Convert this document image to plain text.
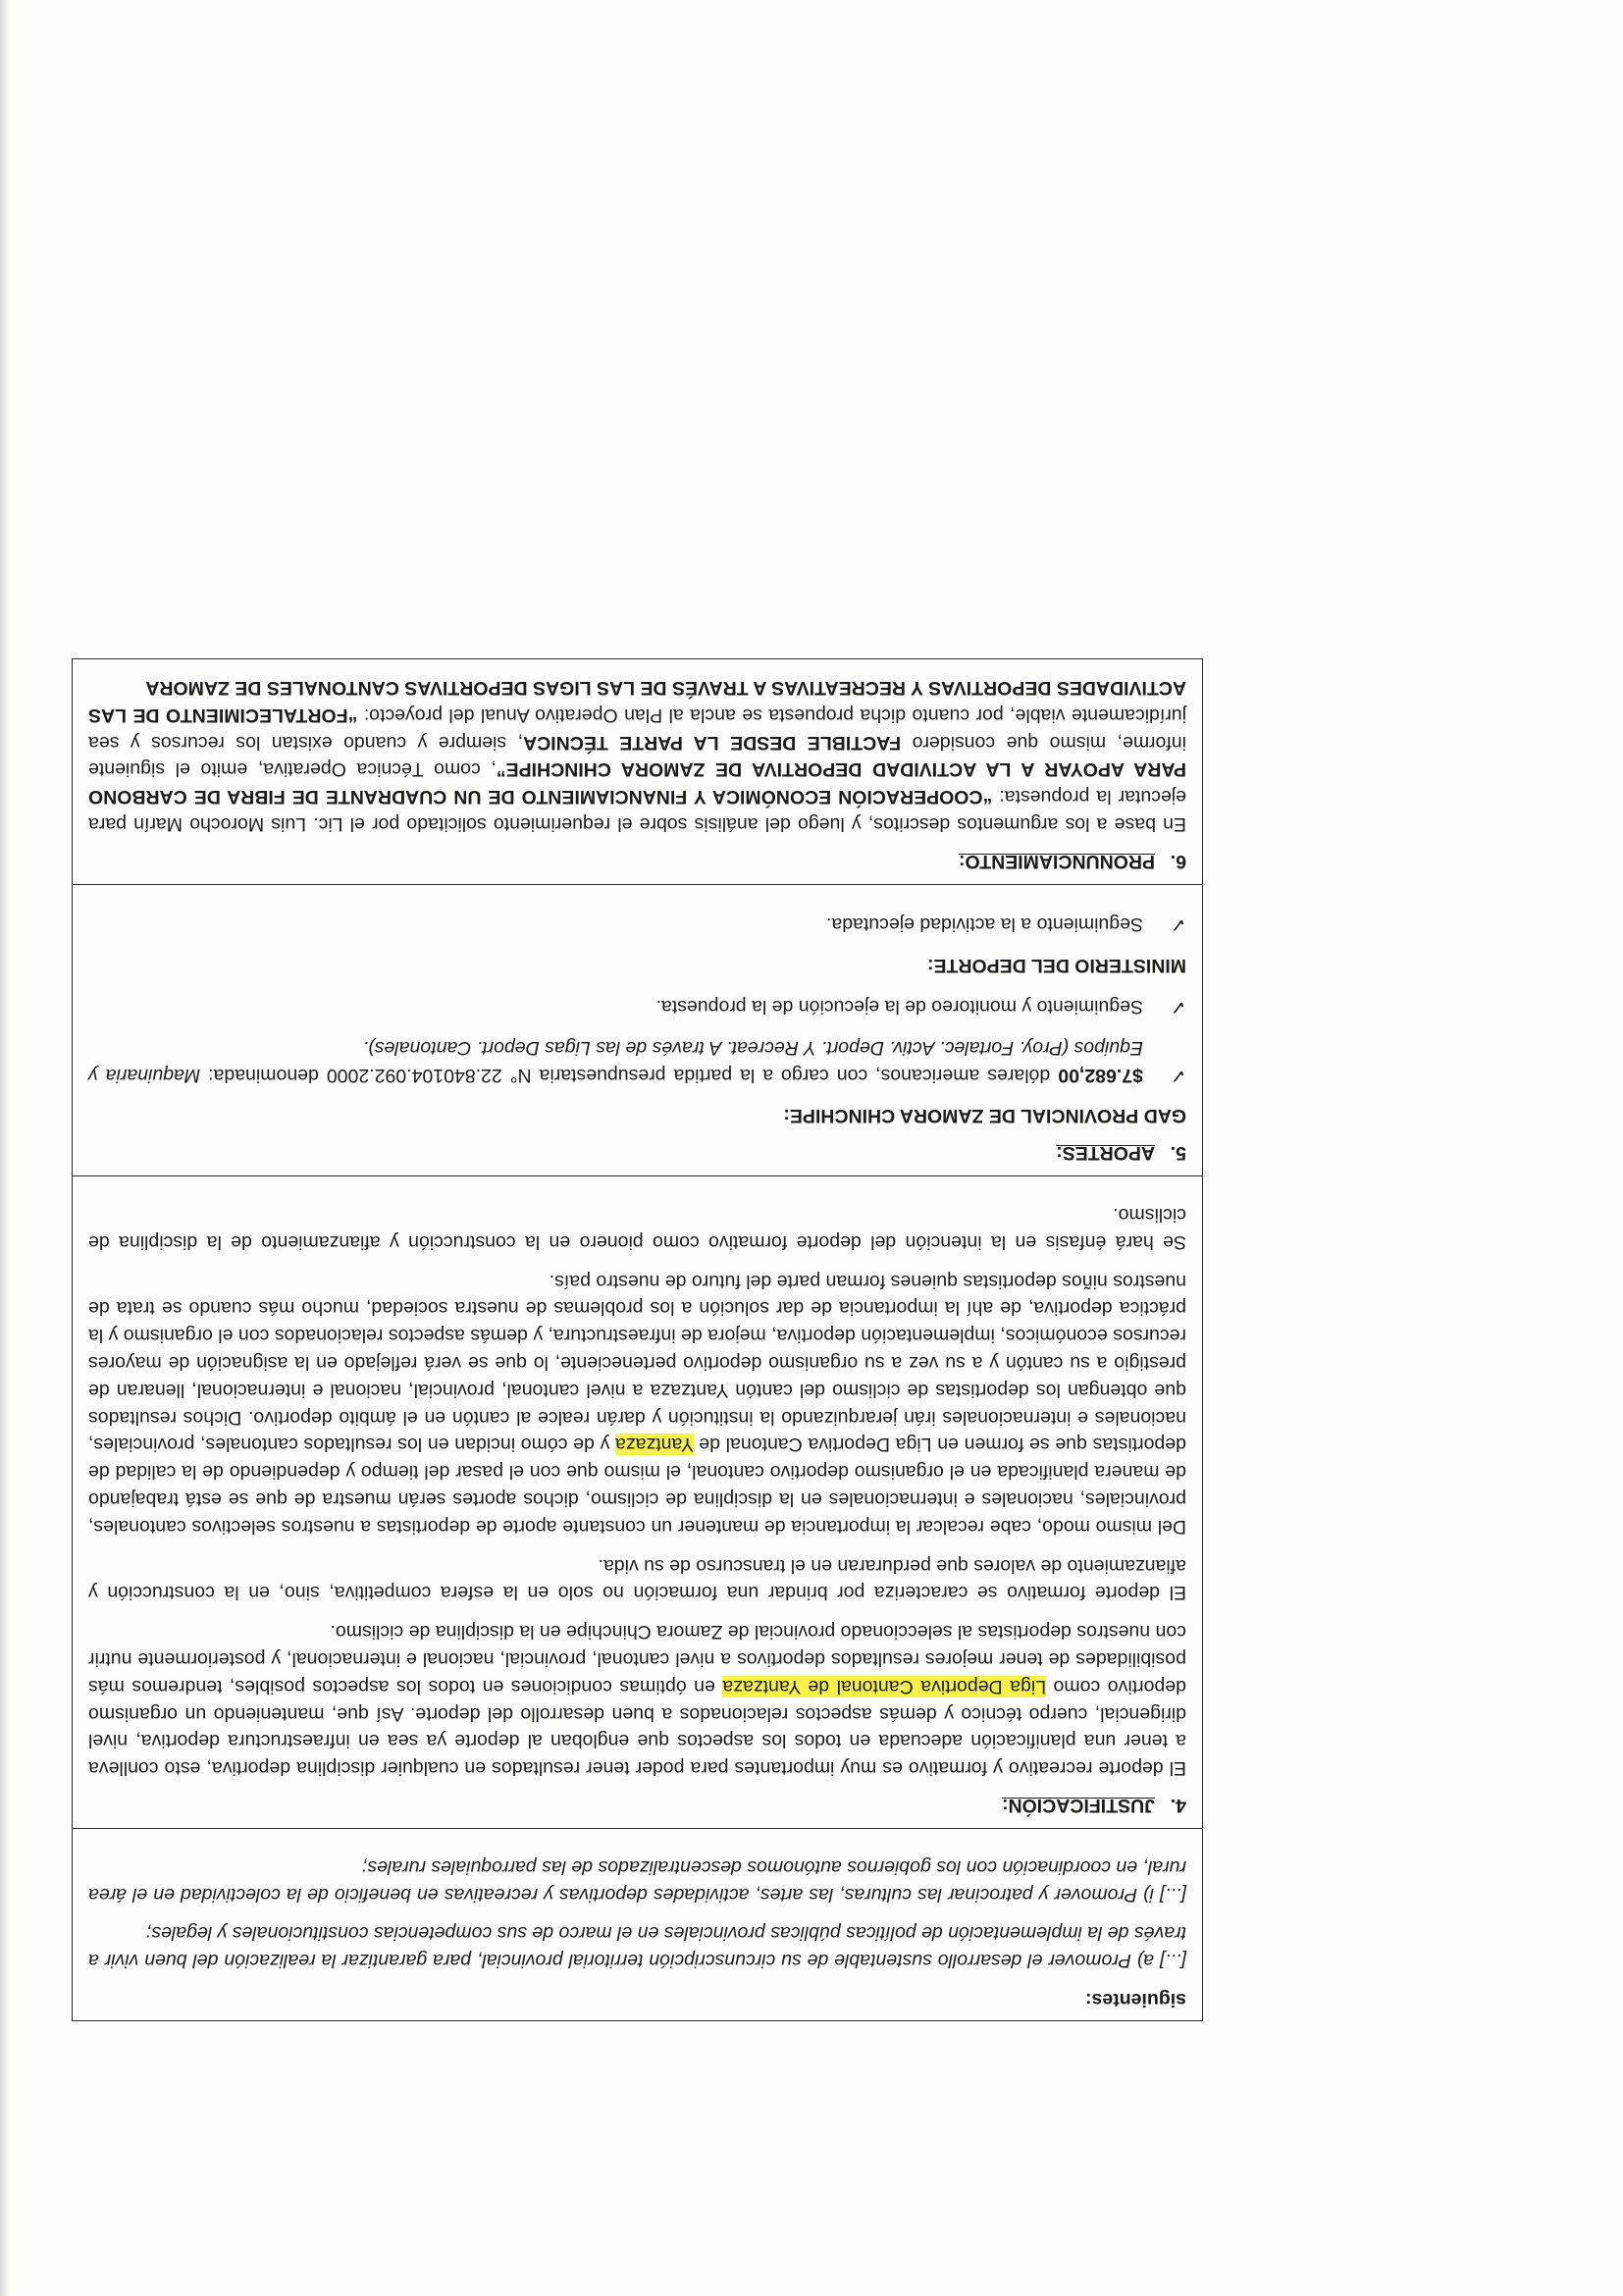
siguientes:

[...] a) Promover el desarrollo sustentable de su circunscripción territorial provincial, para garantizar la realización del buen vivir a través de la implementación de políticas públicas provinciales en el marco de sus competencias constitucionales y legales;

[...] i) Promover y patrocinar las culturas, las artes, actividades deportivas y recreativas en beneficio de la colectividad en el área rural, en coordinación con los gobiernos autónomos descentralizados de las parroquiales rurales;

4.JUSTIFICACIÓN:

El deporte recreativo y formativo es muy importantes para poder tener resultados en cualquier disciplina deportiva, esto conlleva a tener una planificación adecuada en todos los aspectos que engloban al deporte ya sea en infraestructura deportiva, nivel dirigencial, cuerpo técnico y demás aspectos relacionados a buen desarrollo del deporte. Así que, manteniendo un organismo deportivo como Liga Deportiva Cantonal de Yantzaza en óptimas condiciones en todos los aspectos posibles, tendremos más posibilidades de tener mejores resultados deportivos a nivel cantonal, provincial, nacional e internacional, y posteriormente nutrir con nuestros deportistas al seleccionado provincial de Zamora Chinchipe en la disciplina de ciclismo.

El deporte formativo se caracteriza por brindar una formación no solo en la esfera competitiva, sino, en la construcción y afianzamiento de valores que perduraran en el transcurso de su vida.

Del mismo modo, cabe recalcar la importancia de mantener un constante aporte de deportistas a nuestros selectivos cantonales, provinciales, nacionales e internacionales en la disciplina de ciclismo, dichos aportes serán muestra de que se está trabajando de manera planificada en el organismo deportivo cantonal, el mismo que con el pasar del tiempo y dependiendo de la calidad de deportistas que se formen en Liga Deportiva Cantonal de Yantzaza y de cómo incidan en los resultados cantonales, provinciales, nacionales e internacionales irán jerarquizando la institución y darán realce al cantón en el ámbito deportivo. Dichos resultados que obtengan los deportistas de ciclismo del cantón Yantzaza a nivel cantonal, provincial, nacional e internacional, llenaran de prestigio a su cantón y a su vez a su organismo deportivo perteneciente, lo que se verá reflejado en la asignación de mayores recursos económicos, implementación deportiva, mejora de infraestructura, y demás aspectos relacionados con el organismo y la práctica deportiva, de ahí la importancia de dar solución a los problemas de nuestra sociedad, mucho más cuando se trata de nuestros niños deportistas quienes forman parte del futuro de nuestro país.

Se hará énfasis en la intención del deporte formativo como pionero en la construcción y afianzamiento de la disciplina de ciclismo.

5.APORTES:
GAD PROVINCIAL DE ZAMORA CHINCHIPE:
✓
$7.682,00 dólares americanos, con cargo a la partida presupuestaria N° 22.840104.092.2000 denominada: Maquinaria y Equipos (Proy. Fortalec. Activ. Deport. Y Recreat. A través de las Ligas Deport. Cantonales).
✓
Seguimiento y monitoreo de la ejecución de la propuesta.
MINISTERIO DEL DEPORTE:
✓
Seguimiento a la actividad ejecutada.
6.PRONUNCIAMIENTO:

En base a los argumentos descritos, y luego del análisis sobre el requerimiento solicitado por el Lic. Luis Morocho Marín para ejecutar la propuesta: “COOPERACIÓN ECONÓMICA Y FINANCIAMIENTO DE UN CUADRANTE DE FIBRA DE CARBONO PARA APOYAR A LA ACTIVIDAD DEPORTIVA DE ZAMORA CHINCHIPE”, como Técnica Operativa, emito el siguiente informe, mismo que considero FACTIBLE DESDE LA PARTE TÉCNICA, siempre y cuando existan los recursos y sea jurídicamente viable, por cuanto dicha propuesta se ancla al Plan Operativo Anual del proyecto: “FORTALECIMIENTO DE LAS ACTIVIDADES DEPORTIVAS Y RECREATIVAS A TRAVÉS DE LAS LIGAS DEPORTIVAS CANTONALES DE ZAMORA
